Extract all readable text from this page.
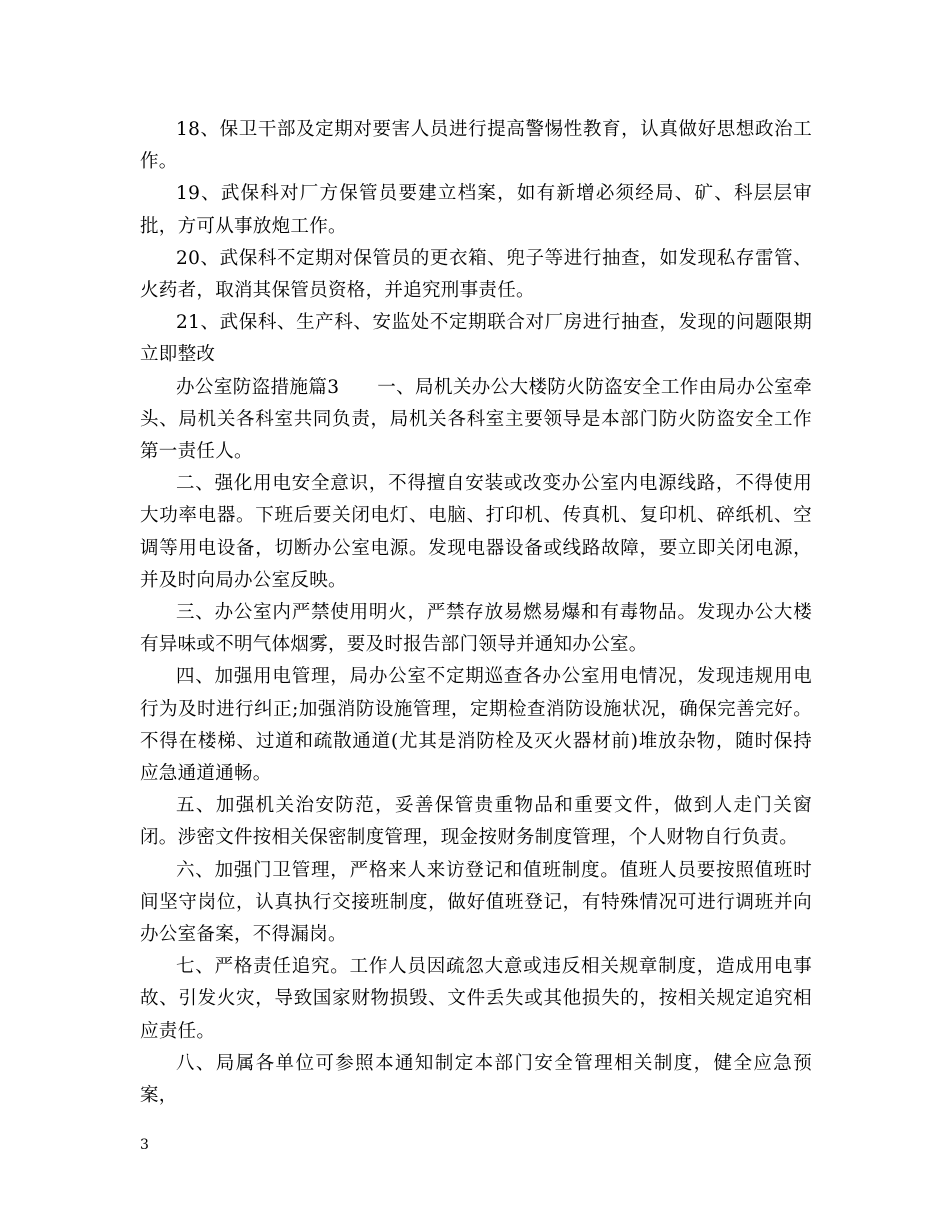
18、保卫干部及定期对要害人员进行提高警惕性教育，认真做好思想政治工作。

19、武保科对厂方保管员要建立档案，如有新增必须经局、矿、科层层审批，方可从事放炮工作。

20、武保科不定期对保管员的更衣箱、兜子等进行抽查，如发现私存雷管、火药者，取消其保管员资格，并追究刑事责任。

21、武保科、生产科、安监处不定期联合对厂房进行抽查，发现的问题限期立即整改

办公室防盗措施篇3　　一、局机关办公大楼防火防盗安全工作由局办公室牵头、局机关各科室共同负责，局机关各科室主要领导是本部门防火防盗安全工作第一责任人。

二、强化用电安全意识，不得擅自安装或改变办公室内电源线路，不得使用大功率电器。下班后要关闭电灯、电脑、打印机、传真机、复印机、碎纸机、空调等用电设备，切断办公室电源。发现电器设备或线路故障，要立即关闭电源，并及时向局办公室反映。

三、办公室内严禁使用明火，严禁存放易燃易爆和有毒物品。发现办公大楼有异味或不明气体烟雾，要及时报告部门领导并通知办公室。

四、加强用电管理，局办公室不定期巡查各办公室用电情况，发现违规用电行为及时进行纠正;加强消防设施管理，定期检查消防设施状况，确保完善完好。不得在楼梯、过道和疏散通道(尤其是消防栓及灭火器材前)堆放杂物，随时保持应急通道通畅。

五、加强机关治安防范，妥善保管贵重物品和重要文件，做到人走门关窗闭。涉密文件按相关保密制度管理，现金按财务制度管理，个人财物自行负责。

六、加强门卫管理，严格来人来访登记和值班制度。值班人员要按照值班时间坚守岗位，认真执行交接班制度，做好值班登记，有特殊情况可进行调班并向办公室备案，不得漏岗。

七、严格责任追究。工作人员因疏忽大意或违反相关规章制度，造成用电事故、引发火灾，导致国家财物损毁、文件丢失或其他损失的，按相关规定追究相应责任。

八、局属各单位可参照本通知制定本部门安全管理相关制度，健全应急预案，

3
